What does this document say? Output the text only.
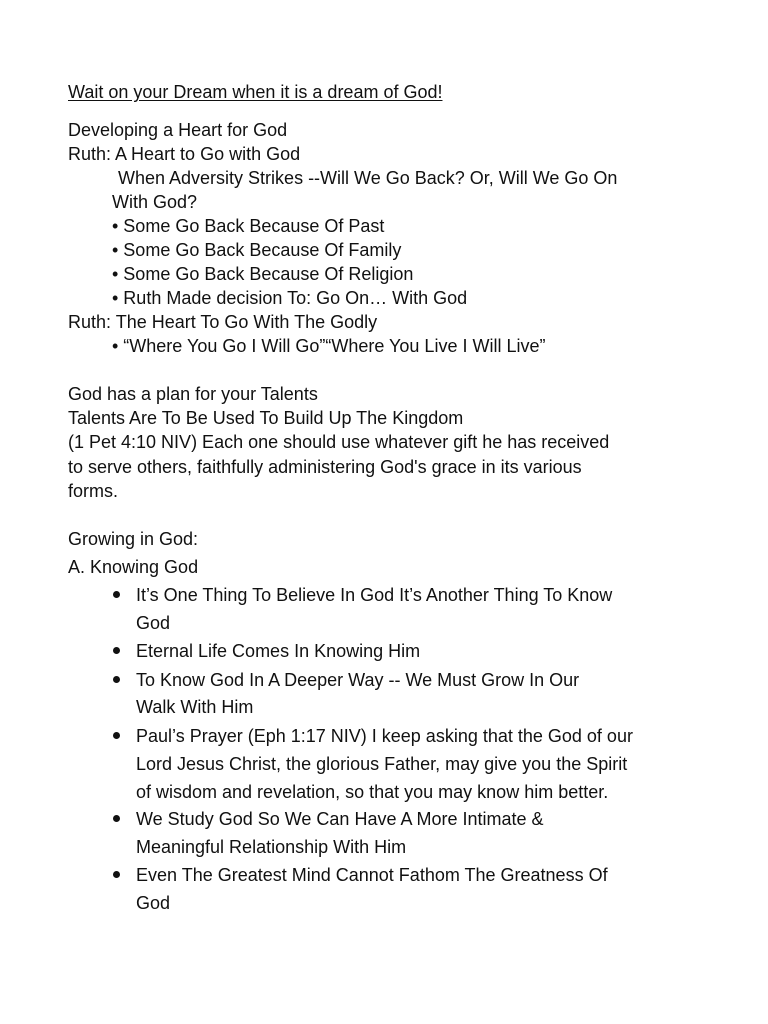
Wait on your Dream when it is a dream of God!
Developing a Heart for God
Ruth: A Heart to Go with God
When Adversity Strikes --Will We Go Back? Or, Will We Go On
With God?
• Some Go Back Because Of Past
• Some Go Back Because Of Family
• Some Go Back Because Of Religion
• Ruth Made decision To: Go On… With God
Ruth: The Heart To Go With The Godly
• “Where You Go I Will Go”“Where You Live I Will Live”
God has a plan for your Talents
Talents Are To Be Used To Build Up The Kingdom
(1 Pet 4:10 NIV) Each one should use whatever gift he has received
to serve others, faithfully administering God's grace in its various
forms.
Growing in God:
A. Knowing God
It’s One Thing To Believe In God It’s Another Thing To Know
God
Eternal Life Comes In Knowing Him
To Know God In A Deeper Way -- We Must Grow In Our
Walk With Him
Paul’s Prayer (Eph 1:17 NIV) I keep asking that the God of our
Lord Jesus Christ, the glorious Father, may give you the Spirit
of wisdom and revelation, so that you may know him better.
We Study God So We Can Have A More Intimate &
Meaningful Relationship With Him
Even The Greatest Mind Cannot Fathom The Greatness Of
God
